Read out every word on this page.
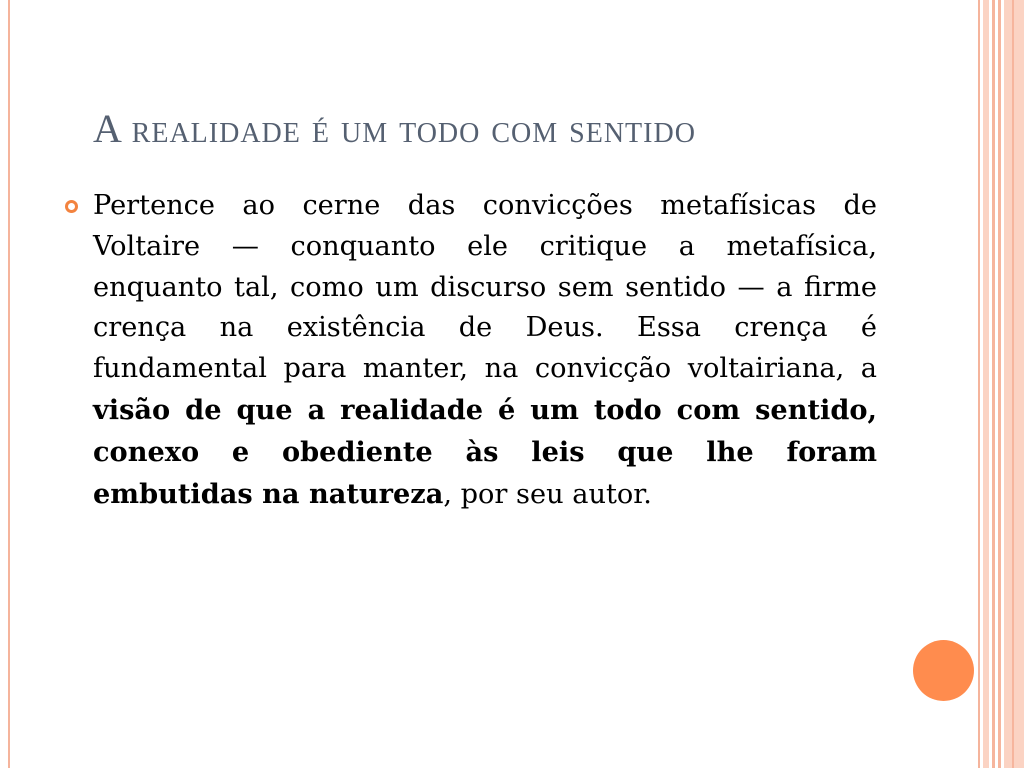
A realidade é um todo com sentido
Pertence ao cerne das convicções metafísicas de Voltaire — conquanto ele critique a metafísica, enquanto tal, como um discurso sem sentido — a firme crença na existência de Deus. Essa crença é fundamental para manter, na convicção voltairiana, a visão de que a realidade é um todo com sentido, conexo e obediente às leis que lhe foram embutidas na natureza, por seu autor.
